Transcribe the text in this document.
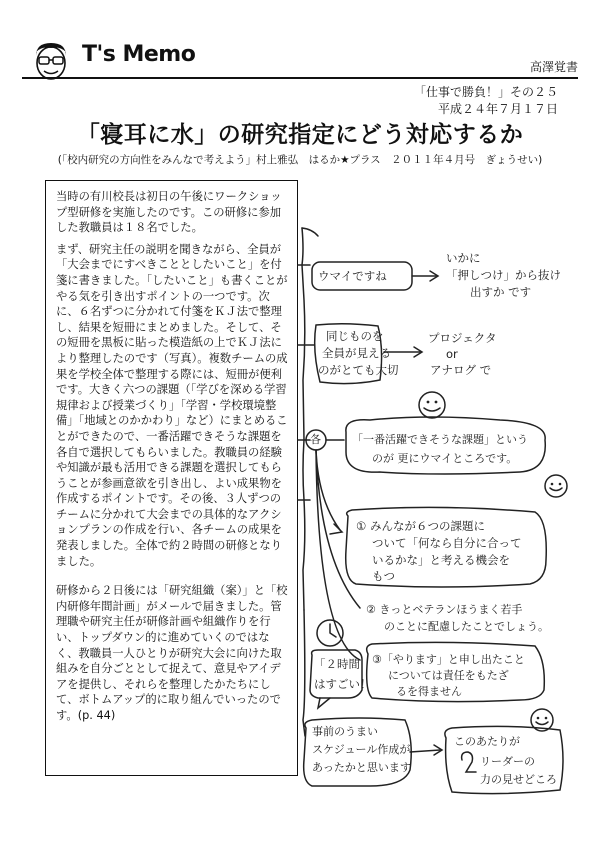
T's Memo	高澤覚書
「仕事で勝負！」その２５
平成２４年７月１７日
「寝耳に水」の研究指定にどう対応するか
(「校内研究の方向性をみんなで考えよう」村上雅弘　はるか★プラス　２０１１年４月号　ぎょうせい)

当時の有川校長は初日の午後にワークショップ型研修を実施したのです。この研修に参加した教職員は１８名でした。

まず、研究主任の説明を聞きながら、全員が「大会までにすべきこととしたいこと」を付箋に書きました。「したいこと」も書くことがやる気を引き出すポイントの一つです。次に、６名ずつに分かれて付箋をＫＪ法で整理し、結果を短冊にまとめました。そして、その短冊を黒板に貼った模造紙の上でＫＪ法により整理したのです（写真）。複数チームの成果を学校全体で整理する際には、短冊が便利です。大きく六つの課題（「学びを深める学習規律および授業づくり」「学習・学校環境整備」「地域とのかかわり」など）にまとめることができたので、一番活躍できそうな課題を各自で選択してもらいました。教職員の経験や知識が最も活用できる課題を選択してもらうことが参画意欲を引き出し、よい成果物を作成するポイントです。その後、３人ずつのチームに分かれて大会までの具体的なアクションプランの作成を行い、各チームの成果を発表しました。全体で約２時間の研修となりました。

研修から２日後には「研究組織（案）」と「校内研修年間計画」がメールで届きました。管理職や研究主任が研修計画や組織作りを行い、トップダウン的に進めていくのではなく、教職員一人ひとりが研究大会に向けた取組みを自分ごととして捉えて、意見やアイデアを提供し、それらを整理したかたちにして、ボトムアップ的に取り組んでいったのです。(p. 44)

ウマイですね
いかに
「押しつけ」から抜け
出すか です
同じものを
全員が見える
のがとても大切
プロジェクタ
or
アナログ で
各	「一番活躍できそうな課題」という
のが 更にウマイところです。
① みんなが６つの課題に
ついて「何なら自分に合って
いるかな」と考える機会を
もつ
② きっとベテランほうまく若手
のことに配慮したことでしょう。
「２時間
はすごい！
③「やります」と申し出たこと
については責任をもたざ
るを得ません
事前のうまい
スケジュール作成が
あったかと思います
このあたりが
リーダーの
力の見せどころ
